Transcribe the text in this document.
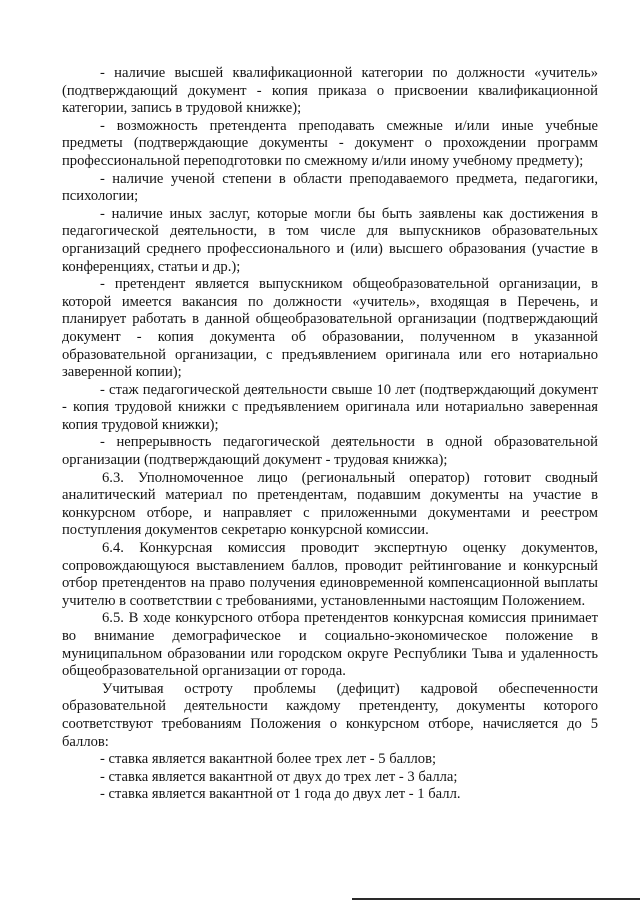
- наличие высшей квалификационной категории по должности «учитель» (подтверждающий документ - копия приказа о присвоении квалификационной категории, запись в трудовой книжке);

- возможность претендента преподавать смежные и/или иные учебные предметы (подтверждающие документы - документ о прохождении программ профессиональной переподготовки по смежному и/или иному учебному предмету);

- наличие ученой степени в области преподаваемого предмета, педагогики, психологии;

- наличие иных заслуг, которые могли бы быть заявлены как достижения в педагогической деятельности, в том числе для выпускников образовательных организаций среднего профессионального и (или) высшего образования (участие в конференциях, статьи и др.);

- претендент является выпускником общеобразовательной организации, в которой имеется вакансия по должности «учитель», входящая в Перечень, и планирует работать в данной общеобразовательной организации (подтверждающий документ - копия документа об образовании, полученном в указанной образовательной организации, с предъявлением оригинала или его нотариально заверенной копии);

- стаж педагогической деятельности свыше 10 лет (подтверждающий документ - копия трудовой книжки с предъявлением оригинала или нотариально заверенная копия трудовой книжки);

- непрерывность педагогической деятельности в одной образовательной организации (подтверждающий документ - трудовая книжка);

6.3. Уполномоченное лицо (региональный оператор) готовит сводный аналитический материал по претендентам, подавшим документы на участие в конкурсном отборе, и направляет с приложенными документами и реестром поступления документов секретарю конкурсной комиссии.

6.4. Конкурсная комиссия проводит экспертную оценку документов, сопровождающуюся выставлением баллов, проводит рейтингование и конкурсный отбор претендентов на право получения единовременной компенсационной выплаты учителю в соответствии с требованиями, установленными настоящим Положением.

6.5. В ходе конкурсного отбора претендентов конкурсная комиссия принимает во внимание демографическое и социально-экономическое положение в муниципальном образовании или городском округе Республики Тыва и удаленность общеобразовательной организации от города.

Учитывая остроту проблемы (дефицит) кадровой обеспеченности образовательной деятельности каждому претенденту, документы которого соответствуют требованиям Положения о конкурсном отборе, начисляется до 5 баллов:

- ставка является вакантной более трех лет - 5 баллов;

- ставка является вакантной от двух до трех лет - 3 балла;

- ставка является вакантной от 1 года до двух лет - 1 балл.
